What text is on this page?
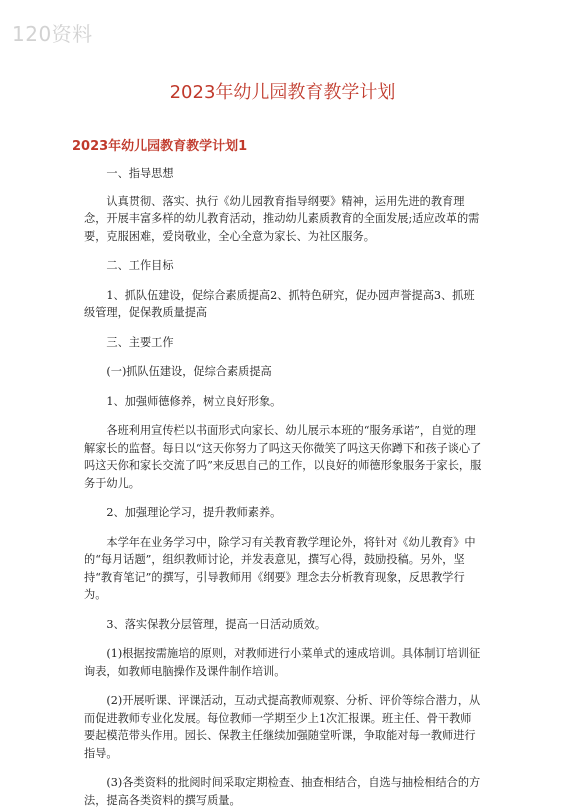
120资料
2023年幼儿园教育教学计划
2023年幼儿园教育教学计划1

一、指导思想

认真贯彻、落实、执行《幼儿园教育指导纲要》精神，运用先进的教育理念，开展丰富多样的幼儿教育活动，推动幼儿素质教育的全面发展;适应改革的需要，克服困难，爱岗敬业，全心全意为家长、为社区服务。

二、工作目标

1、抓队伍建设，促综合素质提高2、抓特色研究，促办园声誉提高3、抓班级管理，促保教质量提高

三、主要工作

(一)抓队伍建设，促综合素质提高

1、加强师德修养，树立良好形象。

各班利用宣传栏以书面形式向家长、幼儿展示本班的“服务承诺”，自觉的理解家长的监督。每日以“这天你努力了吗这天你微笑了吗这天你蹲下和孩子谈心了吗这天你和家长交流了吗”来反思自己的工作，以良好的师德形象服务于家长，服务于幼儿。

2、加强理论学习，提升教师素养。

本学年在业务学习中，除学习有关教育教学理论外，将针对《幼儿教育》中的“每月话题”，组织教师讨论，并发表意见，撰写心得，鼓励投稿。另外，坚持“教育笔记”的撰写，引导教师用《纲要》理念去分析教育现象，反思教学行为。

3、落实保教分层管理，提高一日活动质效。

(1)根据按需施培的原则，对教师进行小菜单式的速成培训。具体制订培训征询表，如教师电脑操作及课件制作培训。

(2)开展听课、评课活动，互动式提高教师观察、分析、评价等综合潜力，从而促进教师专业化发展。每位教师一学期至少上1次汇报课。班主任、骨干教师要起模范带头作用。园长、保教主任继续加强随堂听课，争取能对每一教师进行指导。

(3)各类资料的批阅时间采取定期检查、抽查相结合，自选与抽检相结合的方法，提高各类资料的撰写质量。
